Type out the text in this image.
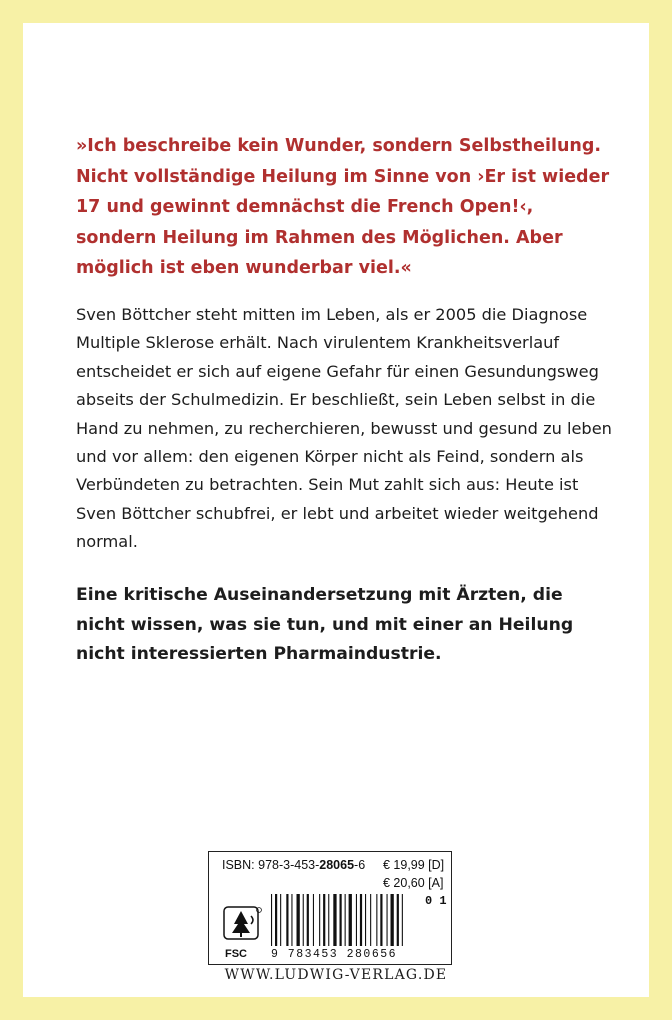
»Ich beschreibe kein Wunder, sondern Selbstheilung. Nicht vollständige Heilung im Sinne von ›Er ist wieder 17 und gewinnt demnächst die French Open!‹, sondern Heilung im Rahmen des Möglichen. Aber möglich ist eben wunderbar viel.«

Sven Böttcher steht mitten im Leben, als er 2005 die Diagnose Multiple Sklerose erhält. Nach virulentem Krankheitsverlauf entscheidet er sich auf eigene Gefahr für einen Gesundungsweg abseits der Schulmedizin. Er beschließt, sein Leben selbst in die Hand zu nehmen, zu recherchieren, bewusst und gesund zu leben und vor allem: den eigenen Körper nicht als Feind, sondern als Verbündeten zu betrachten. Sein Mut zahlt sich aus: Heute ist Sven Böttcher schubfrei, er lebt und arbeitet wieder weitgehend normal.

Eine kritische Auseinandersetzung mit Ärzten, die nicht wissen, was sie tun, und mit einer an Heilung nicht interessierten Pharmaindustrie.

ISBN: 978-3-453-28065-6 € 19,99 [D]
€ 20,60 [A]
FSC 9 783453 280656
0 1
WWW.LUDWIG-VERLAG.DE
